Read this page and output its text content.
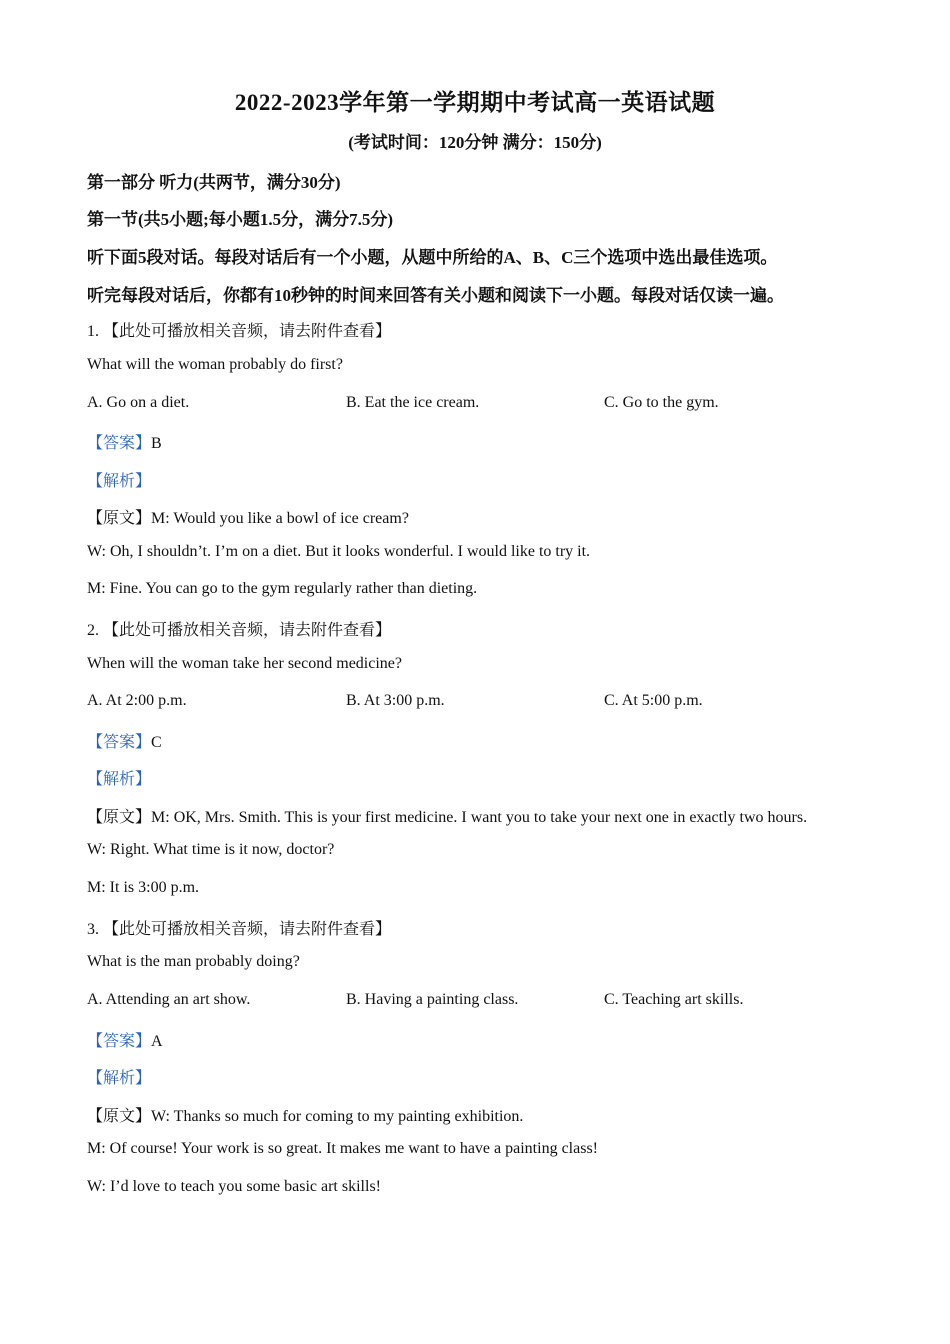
2022-2023学年第一学期期中考试高一英语试题
(考试时间：120分钟 满分：150分)
第一部分 听力(共两节，满分30分)
第一节(共5小题;每小题1.5分，满分7.5分)
听下面5段对话。每段对话后有一个小题，从题中所给的A、B、C三个选项中选出最佳选项。
听完每段对话后，你都有10秒钟的时间来回答有关小题和阅读下一小题。每段对话仅读一遍。
1. 【此处可播放相关音频，请去附件查看】
What will the woman probably do first?
A. Go on a diet.	B. Eat the ice cream.	C. Go to the gym.
【答案】B
【解析】
【原文】M: Would you like a bowl of ice cream?
W: Oh, I shouldn’t. I’m on a diet. But it looks wonderful. I would like to try it.
M: Fine. You can go to the gym regularly rather than dieting.
2. 【此处可播放相关音频，请去附件查看】
When will the woman take her second medicine?
A. At 2:00 p.m.	B. At 3:00 p.m.	C. At 5:00 p.m.
【答案】C
【解析】
【原文】M: OK, Mrs. Smith. This is your first medicine. I want you to take your next one in exactly two hours.
W: Right. What time is it now, doctor?
M: It is 3:00 p.m.
3. 【此处可播放相关音频，请去附件查看】
What is the man probably doing?
A. Attending an art show.	B. Having a painting class.	C. Teaching art skills.
【答案】A
【解析】
【原文】W: Thanks so much for coming to my painting exhibition.
M: Of course! Your work is so great. It makes me want to have a painting class!
W: I’d love to teach you some basic art skills!
